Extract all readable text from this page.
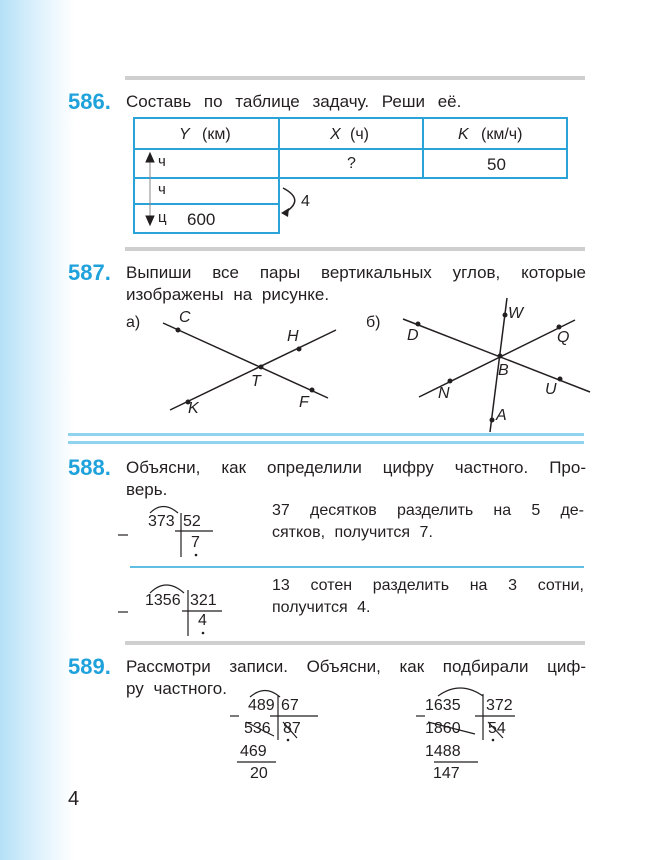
586. Составь по таблице задачу. Реши её.
Y (км)	X (ч)	K (км/ч)
ч	?	50
ч
ц 600
4
587. Выпиши все пары вертикальных углов, которые
изображены на рисунке.
а) C
H
T
K	F
б)
W
D	Q
B
N	U
A
588. Объясни, как определили цифру частного. Про-
верь.
373 52
7
37 десятков разделить на 5 де-
сятков, получится 7.
1356 321
4
13 сотен разделить на 3 сотни,
получится 4.
589. Рассмотри записи. Объясни, как подбирали циф-
ру частного.
489 67
536 87
469
20
1635 372
1860 54
1488
147
4
